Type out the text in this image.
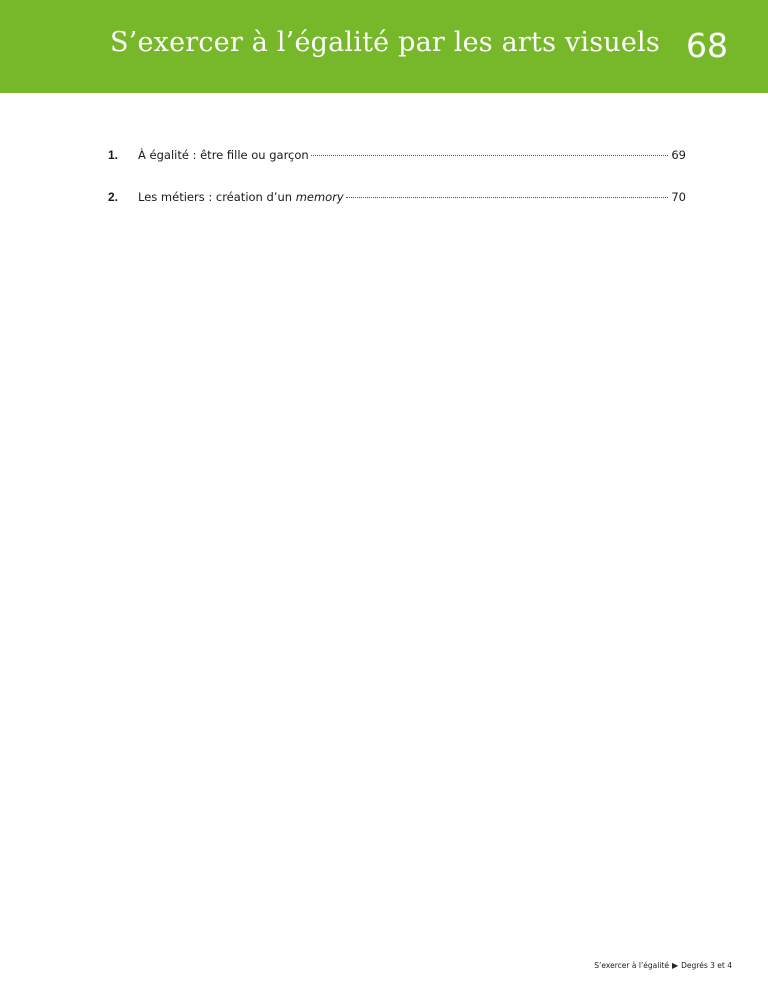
S’exercer à l’égalité par les arts visuels 68
1.	À égalité : être fille ou garçon	69
2.	Les métiers : création d’un memory	70
S’exercer à l’égalité ▶ Degrés 3 et 4
